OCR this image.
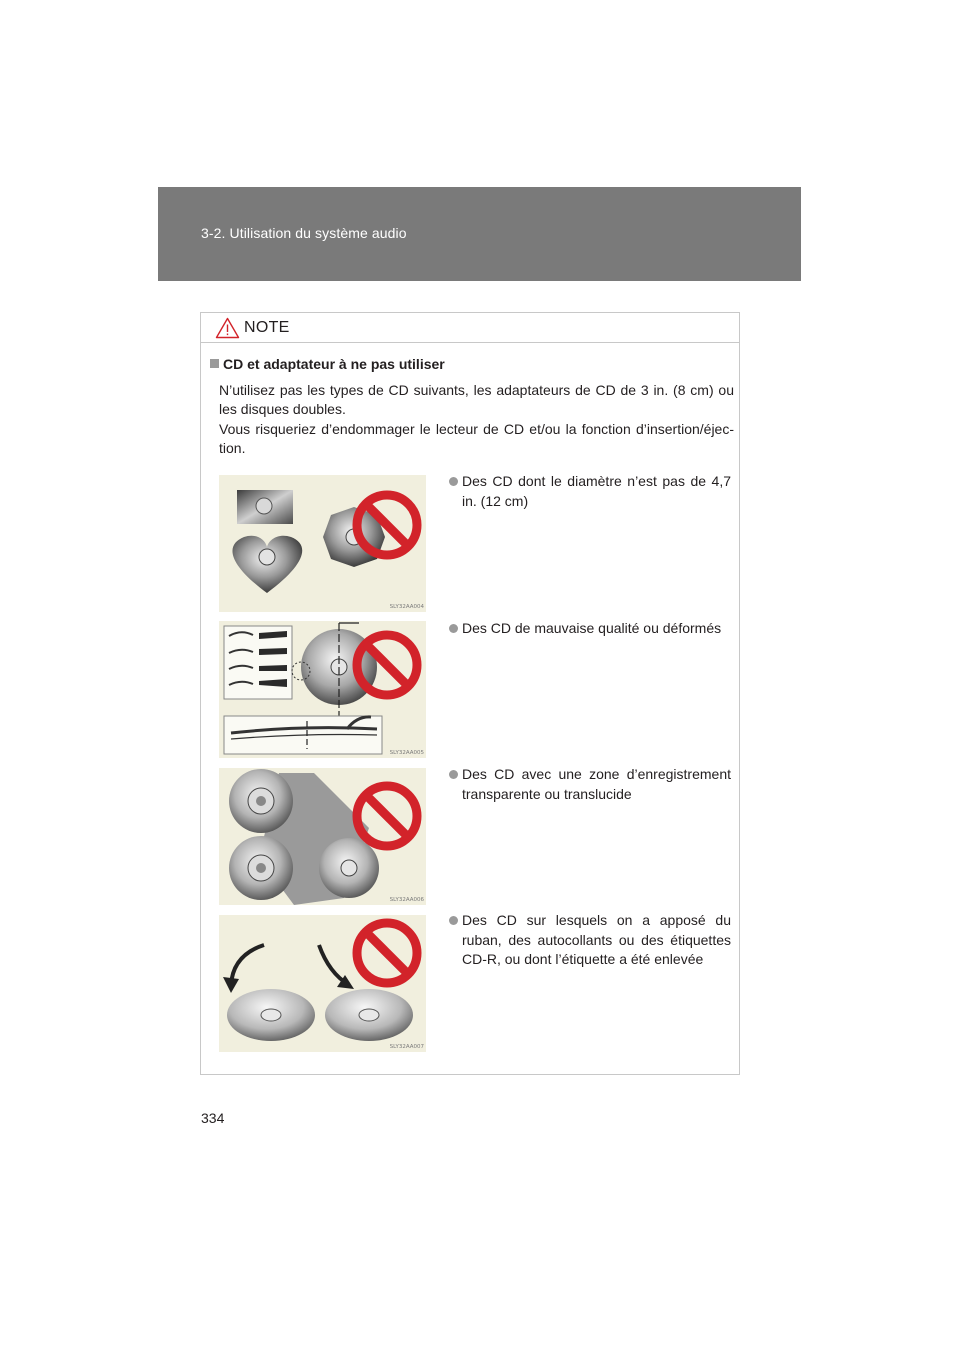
3-2. Utilisation du système audio
NOTE
CD et adaptateur à ne pas utiliser
N’utilisez pas les types de CD suivants, les adaptateurs de CD de 3 in. (8 cm) ou les disques doubles.
Vous risqueriez d’endommager le lecteur de CD et/ou la fonction d’insertion/éjec- tion.
SLY32AA004
Des CD dont le diamètre n’est pas de 4,7 in. (12 cm)
SLY32AA005
Des CD de mauvaise qualité ou déformés
SLY32AA006
Des CD avec une zone d’enregistrement transparente ou translucide
SLY32AA007
Des CD sur lesquels on a apposé du ruban, des autocollants ou des étiquettes CD-R, ou dont l’étiquette a été enlevée
334
